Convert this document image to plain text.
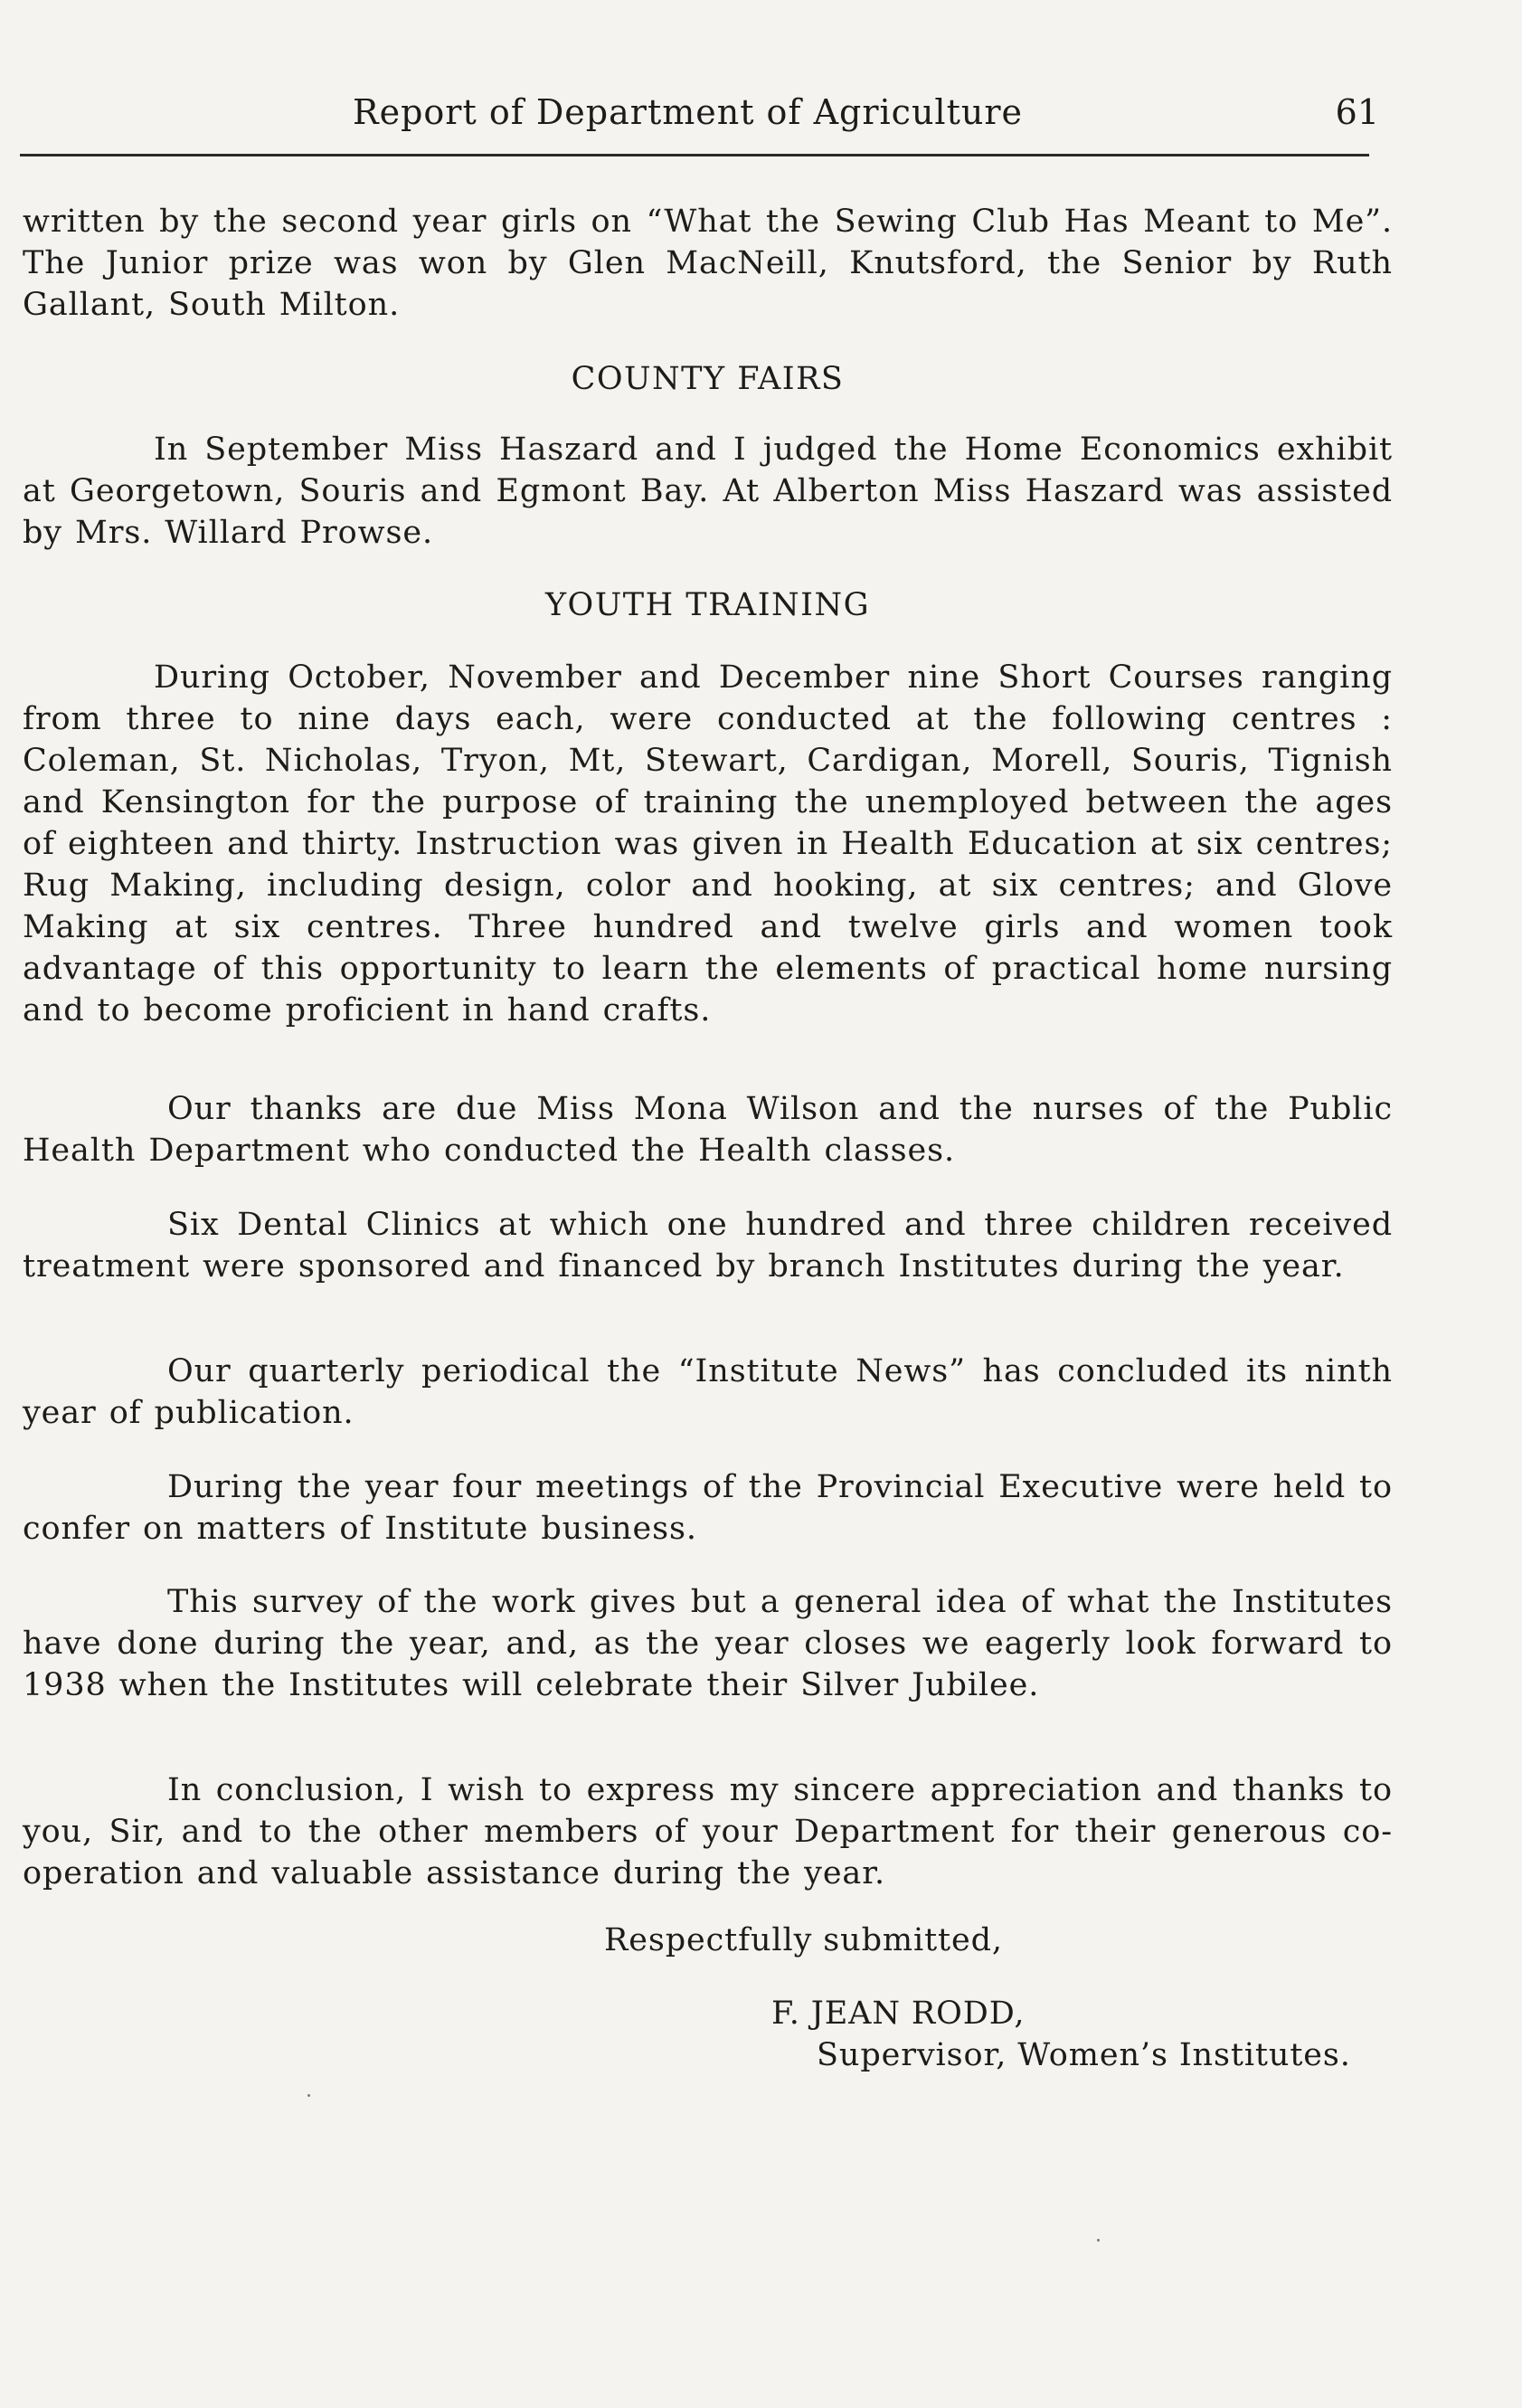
Report of Department of Agriculture	61

written by the second year girls on “What the Sewing Club Has Meant to Me”. The Junior prize was won by Glen MacNeill, Knutsford, the Senior by Ruth Gallant, South Milton.

COUNTY FAIRS

In September Miss Haszard and I judged the Home Economics exhibit at Georgetown, Souris and Egmont Bay. At Alberton Miss Haszard was assisted by Mrs. Willard Prowse.

YOUTH TRAINING

During October, November and December nine Short Courses ranging from three to nine days each, were conducted at the following centres : Coleman, St. Nicholas, Tryon, Mt, Stewart, Cardigan, Morell, Souris, Tignish and Kensington for the purpose of training the unemployed between the ages of eighteen and thirty. Instruction was given in Health Education at six centres; Rug Making, including design, color and hooking, at six centres; and Glove Making at six centres. Three hundred and twelve girls and women took advantage of this opportunity to learn the elements of practical home nursing and to become proficient in hand crafts.

Our thanks are due Miss Mona Wilson and the nurses of the Public Health Department who conducted the Health classes.

Six Dental Clinics at which one hundred and three children received treatment were sponsored and financed by branch Institutes during the year.

Our quarterly periodical the “Institute News” has concluded its ninth year of publication.

During the year four meetings of the Provincial Executive were held to confer on matters of Institute business.

This survey of the work gives but a general idea of what the Institutes have done during the year, and, as the year closes we eagerly look forward to 1938 when the Institutes will celebrate their Silver Jubilee.

In conclusion, I wish to express my sincere appreciation and thanks to you, Sir, and to the other members of your Department for their generous co-operation and valuable assistance during the year.

Respectfully submitted,
F. JEAN RODD,
Supervisor, Women’s Institutes.
